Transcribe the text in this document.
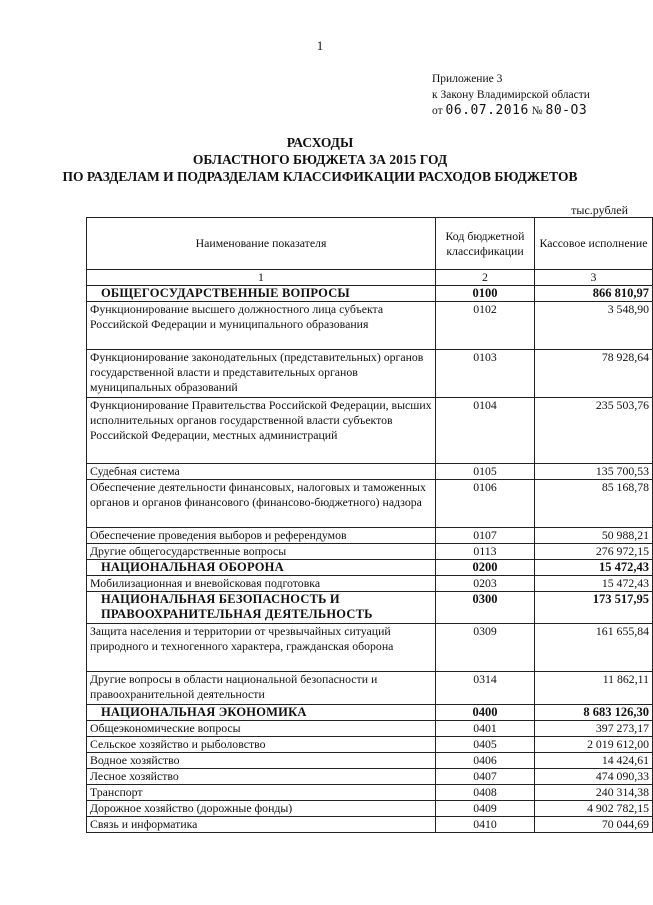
1
Приложение 3
к Закону Владимирской области
от 06.07.2016 № 80-ОЗ
РАСХОДЫ
ОБЛАСТНОГО БЮДЖЕТА ЗА 2015 ГОД
ПО РАЗДЕЛАМ И ПОДРАЗДЕЛАМ КЛАССИФИКАЦИИ РАСХОДОВ БЮДЖЕТОВ
тыс.рублей
Наименование показателя	Код бюджетной классификации	Кассовое исполнение
1	2	3
ОБЩЕГОСУДАРСТВЕННЫЕ ВОПРОСЫ	0100	866 810,97
Функционирование высшего должностного лица субъекта Российской Федерации и муниципального образования	0102	3 548,90
Функционирование законодательных (представительных) органов государственной власти и представительных органов муниципальных образований	0103	78 928,64
Функционирование Правительства Российской Федерации, высших исполнительных органов государственной власти субъектов Российской Федерации, местных администраций	0104	235 503,76
Судебная система	0105	135 700,53
Обеспечение деятельности финансовых, налоговых и таможенных органов и органов финансового (финансово-бюджетного) надзора	0106	85 168,78
Обеспечение проведения выборов и референдумов	0107	50 988,21
Другие общегосударственные вопросы	0113	276 972,15
НАЦИОНАЛЬНАЯ ОБОРОНА	0200	15 472,43
Мобилизационная и вневойсковая подготовка	0203	15 472,43
НАЦИОНАЛЬНАЯ БЕЗОПАСНОСТЬ И ПРАВООХРАНИТЕЛЬНАЯ ДЕЯТЕЛЬНОСТЬ	0300	173 517,95
Защита населения и территории от чрезвычайных ситуаций природного и техногенного характера, гражданская оборона	0309	161 655,84
Другие вопросы в области национальной безопасности и правоохранительной деятельности	0314	11 862,11
НАЦИОНАЛЬНАЯ ЭКОНОМИКА	0400	8 683 126,30
Общеэкономические вопросы	0401	397 273,17
Сельское хозяйство и рыболовство	0405	2 019 612,00
Водное хозяйство	0406	14 424,61
Лесное хозяйство	0407	474 090,33
Транспорт	0408	240 314,38
Дорожное хозяйство (дорожные фонды)	0409	4 902 782,15
Связь и информатика	0410	70 044,69
